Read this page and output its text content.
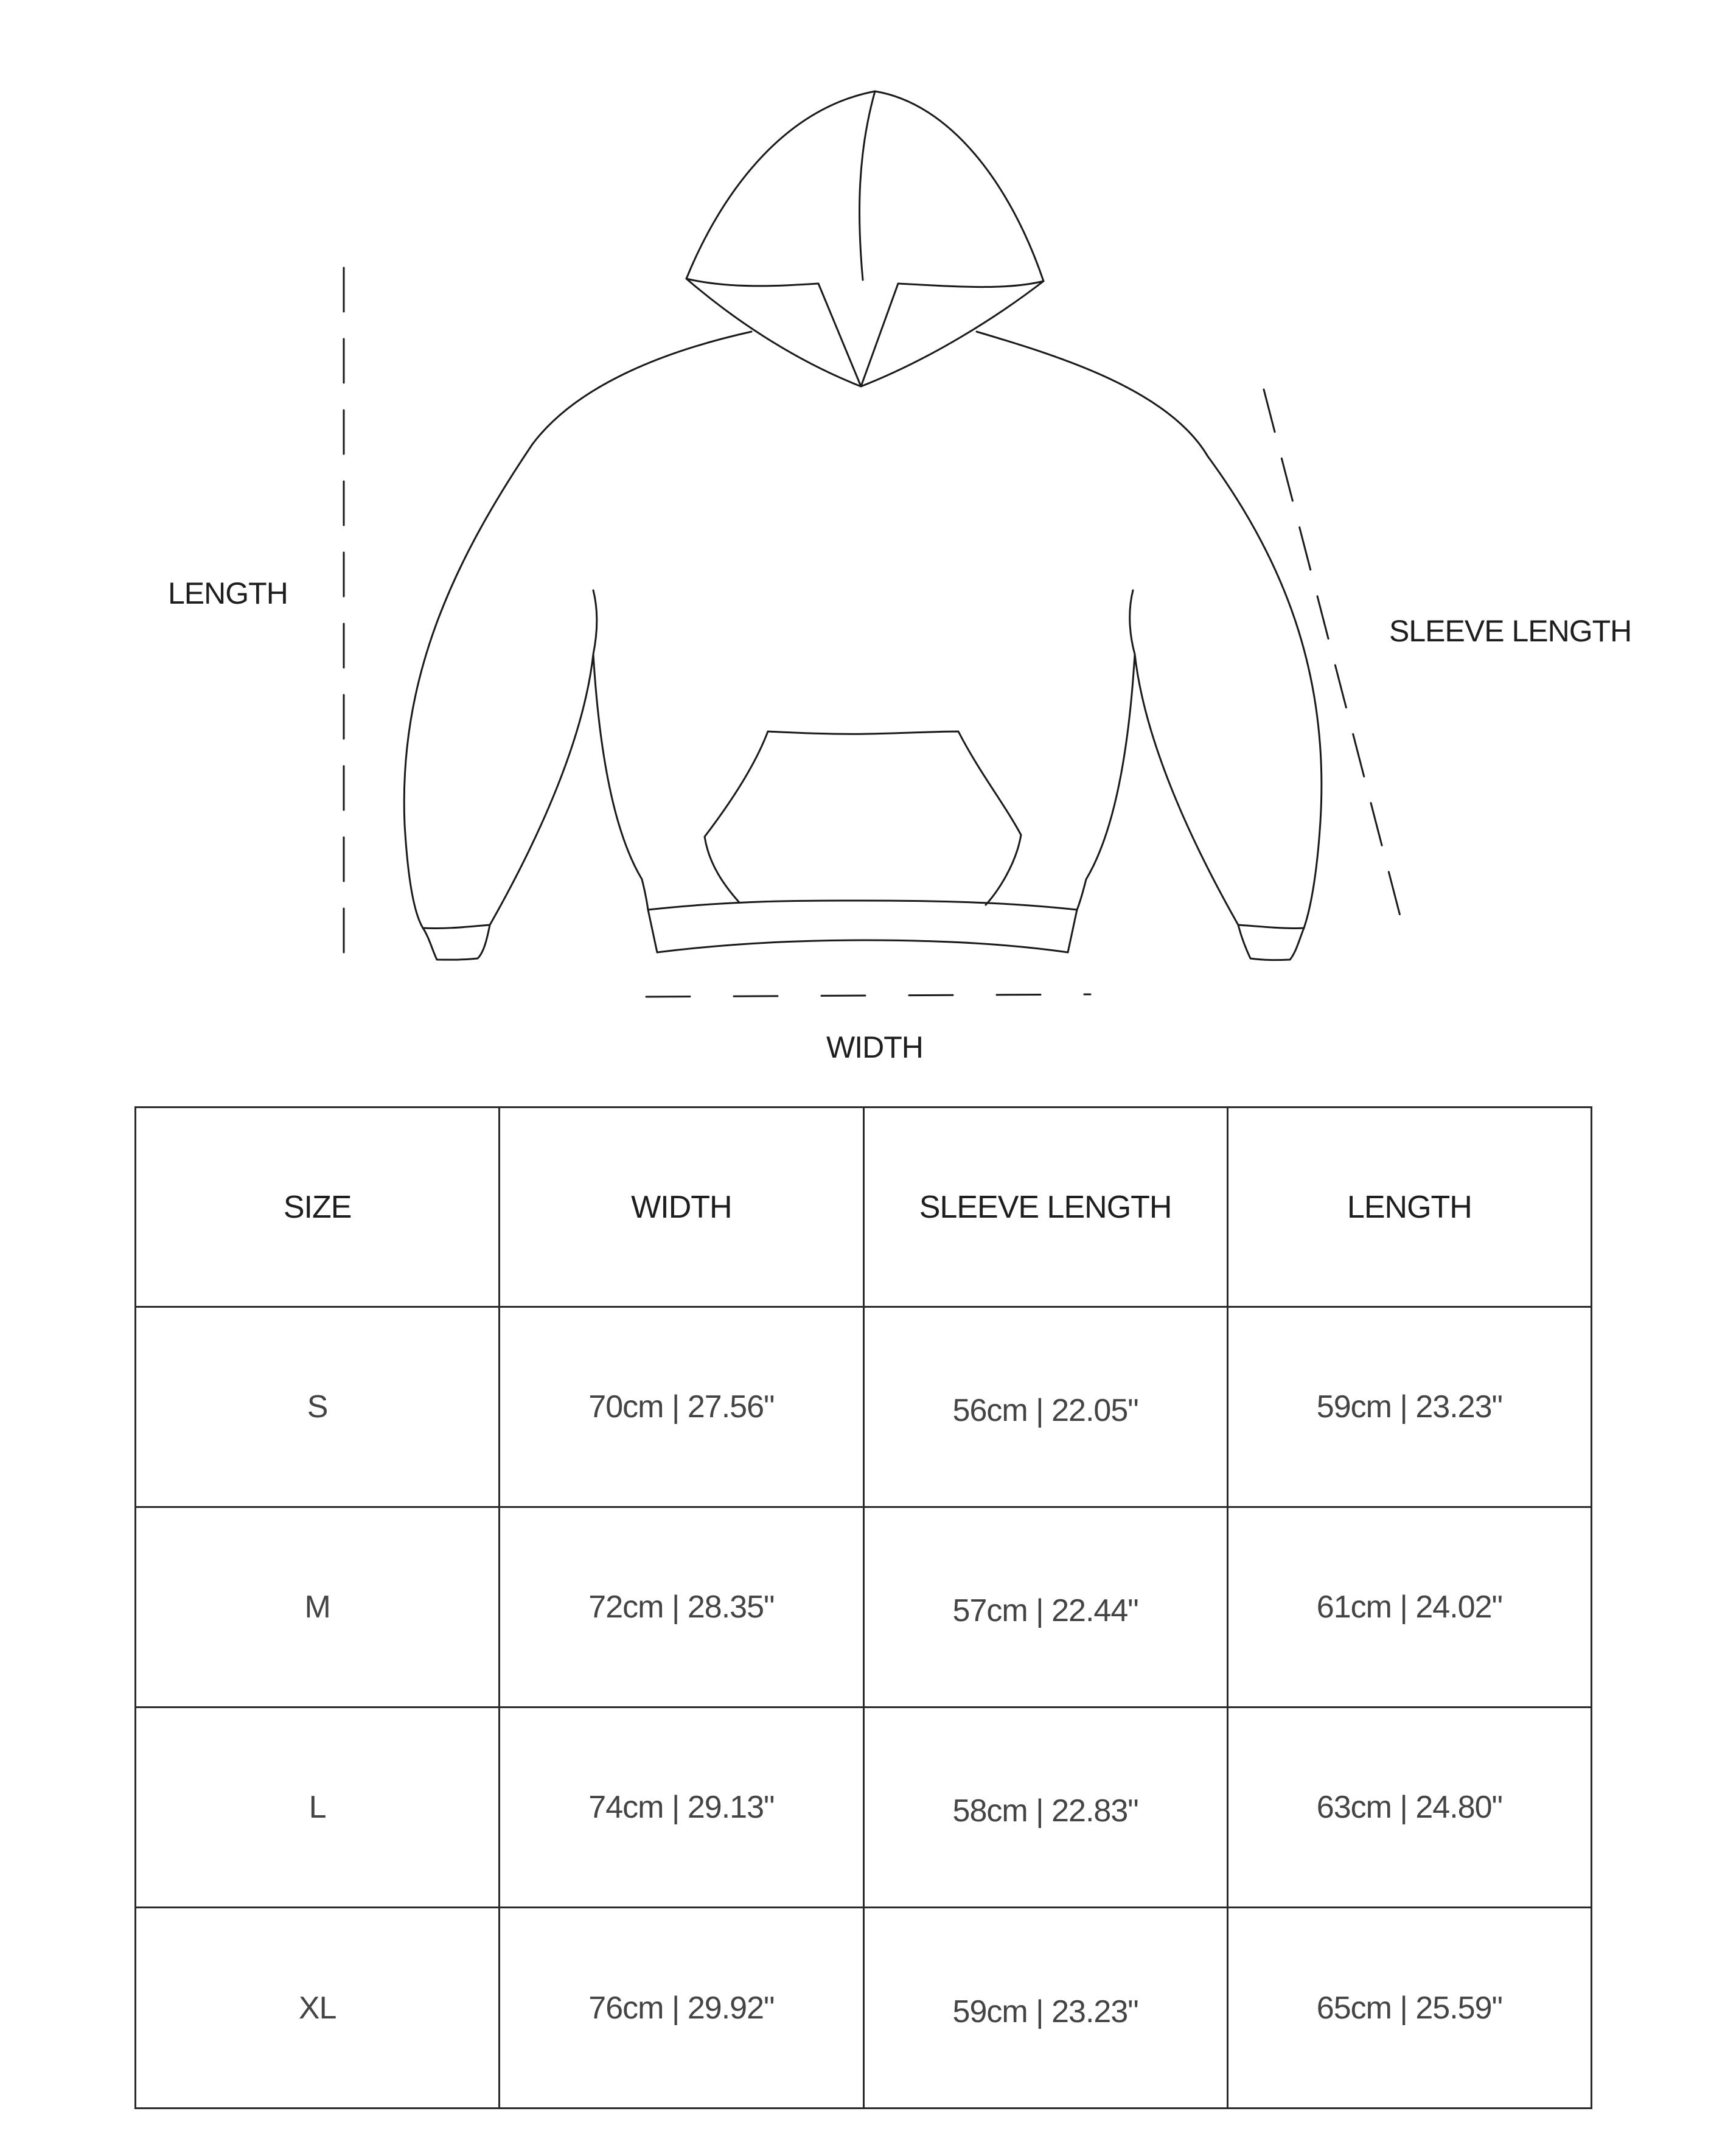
LENGTH
SLEEVE LENGTH
WIDTH
SIZE	WIDTH	SLEEVE LENGTH	LENGTH
S	70cm | 27.56"	56cm | 22.05"	59cm | 23.23"
M	72cm | 28.35"	57cm | 22.44"	61cm | 24.02"
L	74cm | 29.13"	58cm | 22.83"	63cm | 24.80"
XL	76cm | 29.92"	59cm | 23.23"	65cm | 25.59"
